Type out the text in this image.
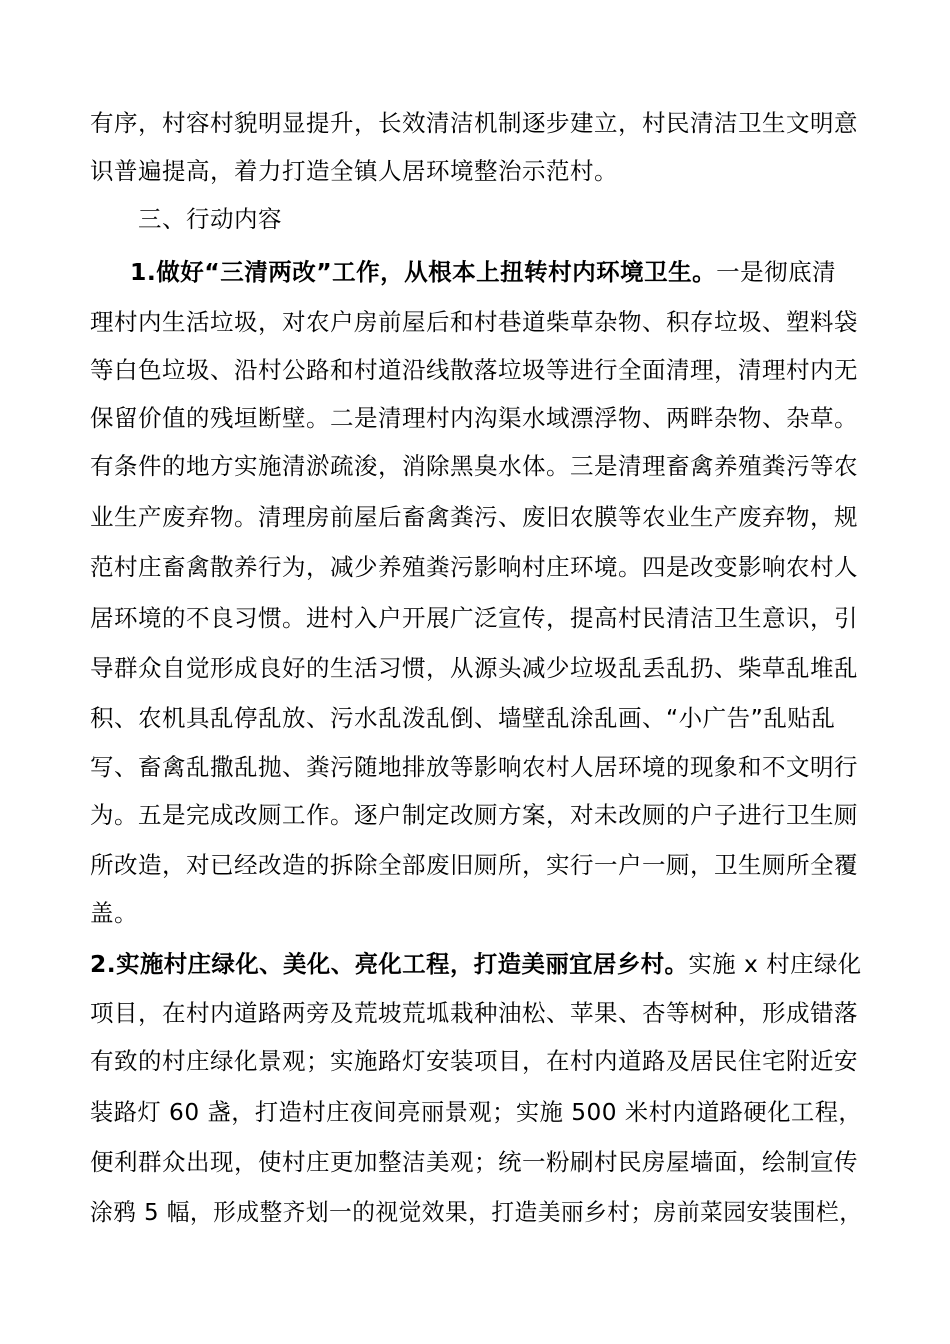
有序，村容村貌明显提升，长效清洁机制逐步建立，村民清洁卫生文明意
识普遍提高，着力打造全镇人居环境整治示范村。
三、行动内容
1.做好“三清两改”工作，从根本上扭转村内环境卫生。一是彻底清
理村内生活垃圾，对农户房前屋后和村巷道柴草杂物、积存垃圾、塑料袋
等白色垃圾、沿村公路和村道沿线散落垃圾等进行全面清理，清理村内无
保留价值的残垣断壁。二是清理村内沟渠水域漂浮物、两畔杂物、杂草。
有条件的地方实施清淤疏浚，消除黑臭水体。三是清理畜禽养殖粪污等农
业生产废弃物。清理房前屋后畜禽粪污、废旧农膜等农业生产废弃物，规
范村庄畜禽散养行为，减少养殖粪污影响村庄环境。四是改变影响农村人
居环境的不良习惯。进村入户开展广泛宣传，提高村民清洁卫生意识，引
导群众自觉形成良好的生活习惯，从源头减少垃圾乱丢乱扔、柴草乱堆乱
积、农机具乱停乱放、污水乱泼乱倒、墙壁乱涂乱画、“小广告”乱贴乱
写、畜禽乱撒乱抛、粪污随地排放等影响农村人居环境的现象和不文明行
为。五是完成改厕工作。逐户制定改厕方案，对未改厕的户子进行卫生厕
所改造，对已经改造的拆除全部废旧厕所，实行一户一厕，卫生厕所全覆
盖。
2.实施村庄绿化、美化、亮化工程，打造美丽宜居乡村。实施 x 村庄绿化
项目，在村内道路两旁及荒坡荒坬栽种油松、苹果、杏等树种，形成错落
有致的村庄绿化景观；实施路灯安装项目，在村内道路及居民住宅附近安
装路灯 60 盏，打造村庄夜间亮丽景观；实施 500 米村内道路硬化工程，
便利群众出现，使村庄更加整洁美观；统一粉刷村民房屋墙面，绘制宣传
涂鸦 5 幅，形成整齐划一的视觉效果，打造美丽乡村；房前菜园安装围栏，
